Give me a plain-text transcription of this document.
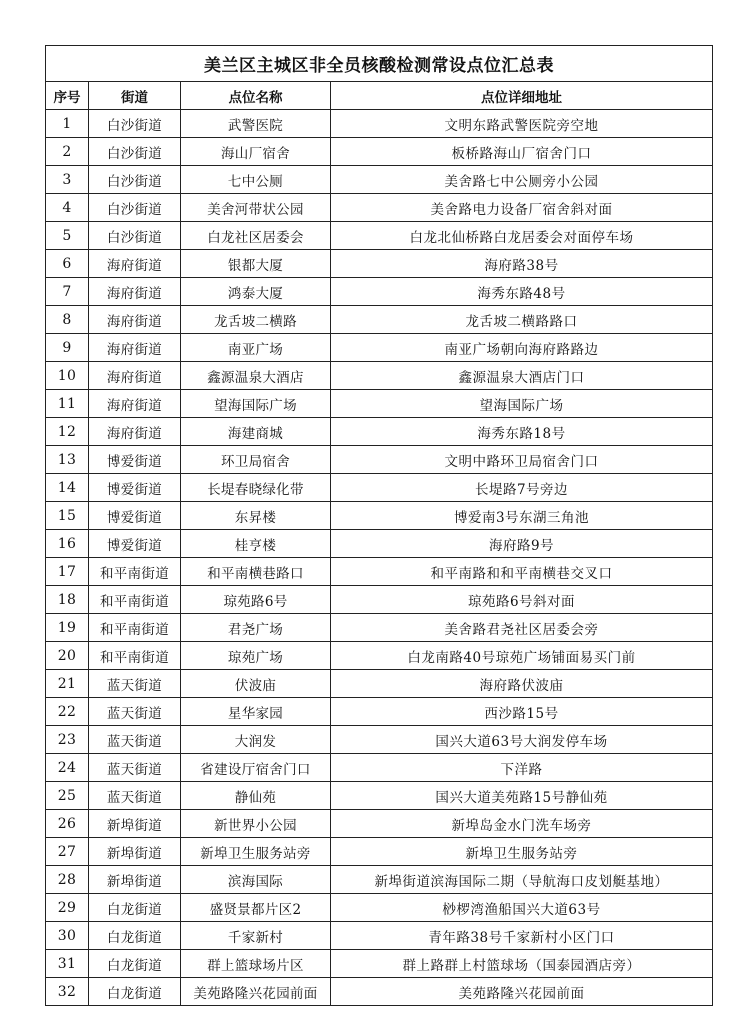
美兰区主城区非全员核酸检测常设点位汇总表			
序号	街道	点位名称	点位详细地址
1	白沙街道	武警医院	文明东路武警医院旁空地
2	白沙街道	海山厂宿舍	板桥路海山厂宿舍门口
3	白沙街道	七中公厕	美舍路七中公厕旁小公园
4	白沙街道	美舍河带状公园	美舍路电力设备厂宿舍斜对面
5	白沙街道	白龙社区居委会	白龙北仙桥路白龙居委会对面停车场
6	海府街道	银都大厦	海府路38号
7	海府街道	鸿泰大厦	海秀东路48号
8	海府街道	龙舌坡二横路	龙舌坡二横路路口
9	海府街道	南亚广场	南亚广场朝向海府路路边
10	海府街道	鑫源温泉大酒店	鑫源温泉大酒店门口
11	海府街道	望海国际广场	望海国际广场
12	海府街道	海建商城	海秀东路18号
13	博爱街道	环卫局宿舍	文明中路环卫局宿舍门口
14	博爱街道	长堤春晓绿化带	长堤路7号旁边
15	博爱街道	东昇楼	博爱南3号东湖三角池
16	博爱街道	桂亨楼	海府路9号
17	和平南街道	和平南横巷路口	和平南路和和平南横巷交叉口
18	和平南街道	琼苑路6号	琼苑路6号斜对面
19	和平南街道	君尧广场	美舍路君尧社区居委会旁
20	和平南街道	琼苑广场	白龙南路40号琼苑广场铺面易买门前
21	蓝天街道	伏波庙	海府路伏波庙
22	蓝天街道	星华家园	西沙路15号
23	蓝天街道	大润发	国兴大道63号大润发停车场
24	蓝天街道	省建设厅宿舍门口	下洋路
25	蓝天街道	静仙苑	国兴大道美苑路15号静仙苑
26	新埠街道	新世界小公园	新埠岛金水门洗车场旁
27	新埠街道	新埠卫生服务站旁	新埠卫生服务站旁
28	新埠街道	滨海国际	新埠街道滨海国际二期（导航海口皮划艇基地）
29	白龙街道	盛贤景都片区2	桫椤湾渔船国兴大道63号
30	白龙街道	千家新村	青年路38号千家新村小区门口
31	白龙街道	群上篮球场片区	群上路群上村篮球场（国泰园酒店旁）
32	白龙街道	美苑路隆兴花园前面	美苑路隆兴花园前面
